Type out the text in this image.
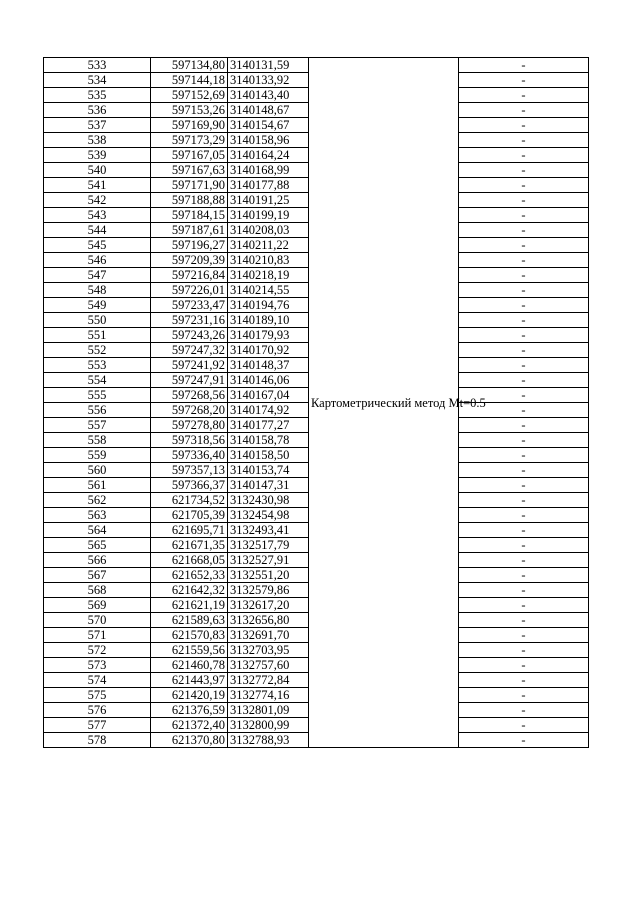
533	597134,80	3140131,59	Картометрический метод Mt=0.5	-
534	597144,18	3140133,92		-
535	597152,69	3140143,40		-
536	597153,26	3140148,67		-
537	597169,90	3140154,67		-
538	597173,29	3140158,96		-
539	597167,05	3140164,24		-
540	597167,63	3140168,99		-
541	597171,90	3140177,88		-
542	597188,88	3140191,25		-
543	597184,15	3140199,19		-
544	597187,61	3140208,03		-
545	597196,27	3140211,22		-
546	597209,39	3140210,83		-
547	597216,84	3140218,19		-
548	597226,01	3140214,55		-
549	597233,47	3140194,76		-
550	597231,16	3140189,10		-
551	597243,26	3140179,93		-
552	597247,32	3140170,92		-
553	597241,92	3140148,37		-
554	597247,91	3140146,06		-
555	597268,56	3140167,04		-
556	597268,20	3140174,92		-
557	597278,80	3140177,27		-
558	597318,56	3140158,78		-
559	597336,40	3140158,50		-
560	597357,13	3140153,74		-
561	597366,37	3140147,31		-
562	621734,52	3132430,98		-
563	621705,39	3132454,98		-
564	621695,71	3132493,41		-
565	621671,35	3132517,79		-
566	621668,05	3132527,91		-
567	621652,33	3132551,20		-
568	621642,32	3132579,86		-
569	621621,19	3132617,20		-
570	621589,63	3132656,80		-
571	621570,83	3132691,70		-
572	621559,56	3132703,95		-
573	621460,78	3132757,60		-
574	621443,97	3132772,84		-
575	621420,19	3132774,16		-
576	621376,59	3132801,09		-
577	621372,40	3132800,99		-
578	621370,80	3132788,93		-
